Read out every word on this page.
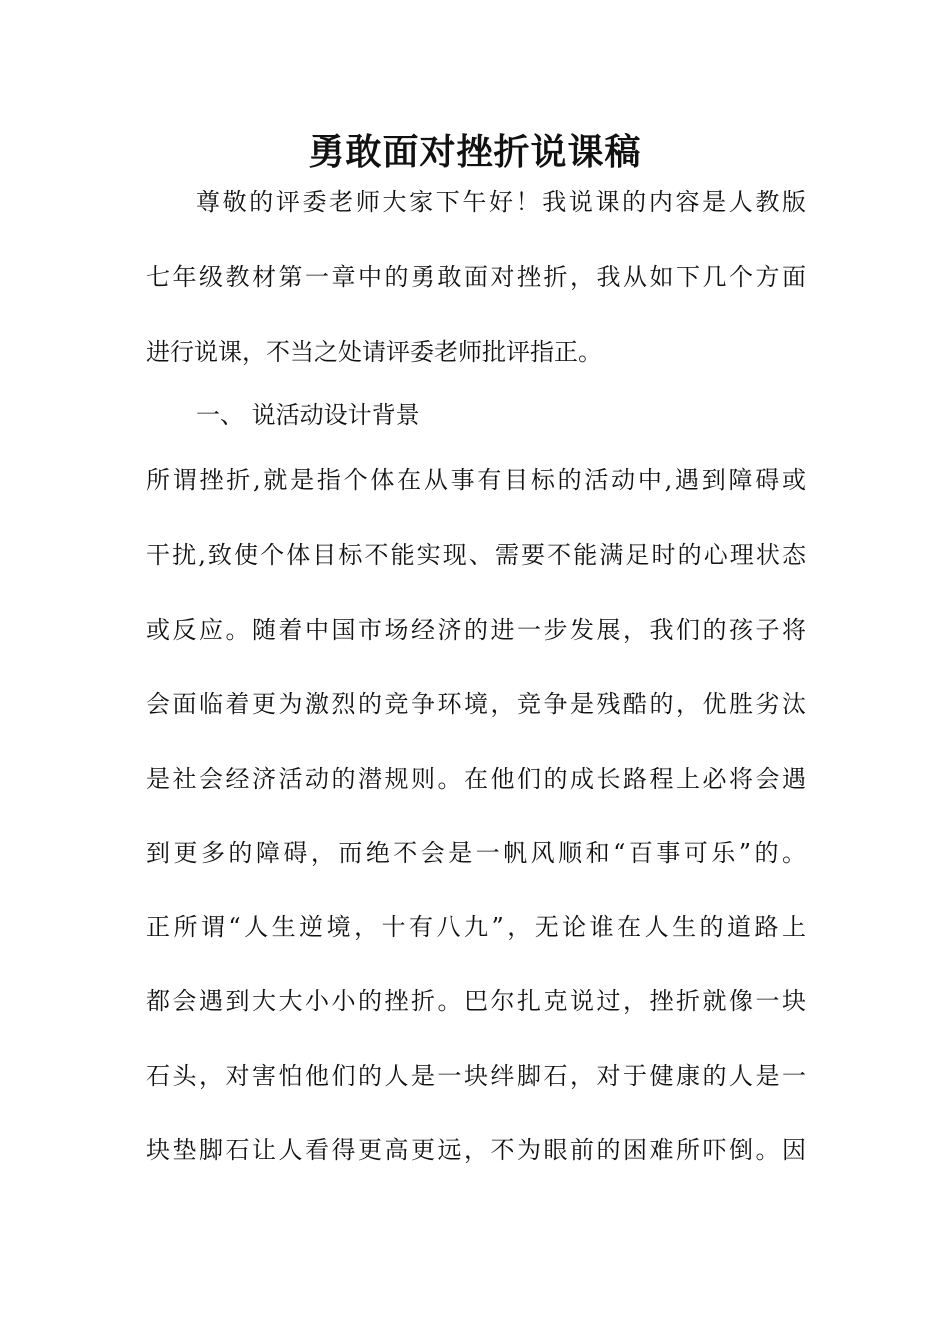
勇敢面对挫折说课稿
尊敬的评委老师大家下午好！我说课的内容是人教版
七年级教材第一章中的勇敢面对挫折，我从如下几个方面
进行说课，不当之处请评委老师批评指正。
一、 说活动设计背景
所谓挫折,就是指个体在从事有目标的活动中,遇到障碍或
干扰,致使个体目标不能实现、需要不能满足时的心理状态
或反应。随着中国市场经济的进一步发展，我们的孩子将
会面临着更为激烈的竞争环境，竞争是残酷的，优胜劣汰
是社会经济活动的潜规则。在他们的成长路程上必将会遇
到更多的障碍，而绝不会是一帆风顺和“百事可乐”的。
正所谓“人生逆境，十有八九”，无论谁在人生的道路上
都会遇到大大小小的挫折。巴尔扎克说过，挫折就像一块
石头，对害怕他们的人是一块绊脚石，对于健康的人是一
块垫脚石让人看得更高更远，不为眼前的困难所吓倒。因
